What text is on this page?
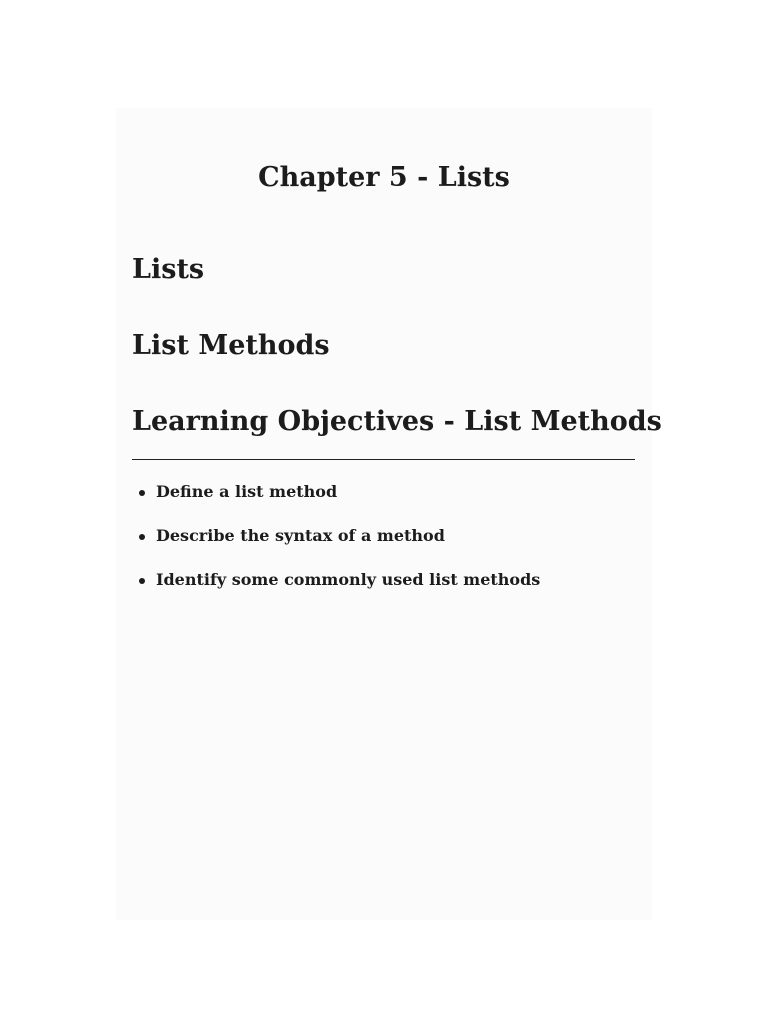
Chapter 5 - Lists
Lists
List Methods
Learning Objectives - List Methods
Define a list method
Describe the syntax of a method
Identify some commonly used list methods
